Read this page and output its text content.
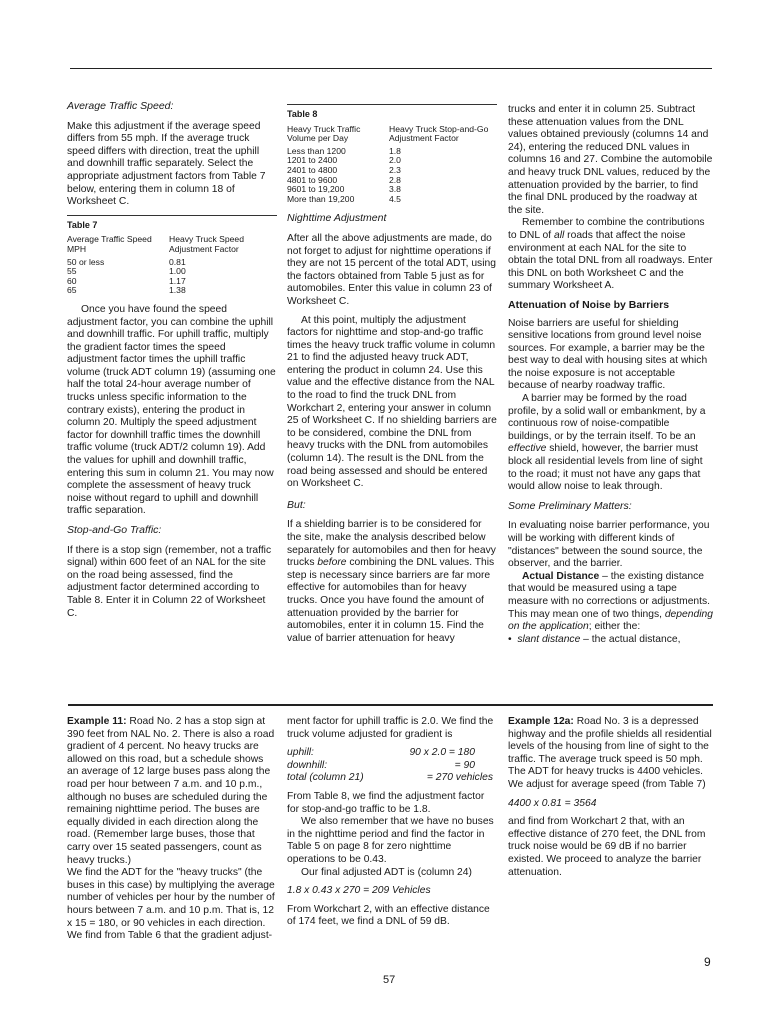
Average Traffic Speed:

Make this adjustment if the average speed differs from 55 mph. If the average truck speed differs with direction, treat the uphill and downhill traffic separately. Select the appropriate adjustment factors from Table 7 below, entering them in column 18 of Worksheet C.

Table 7
Average Traffic Speed MPH	Heavy Truck Speed Adjustment Factor
50 or less	0.81
55	1.00
60	1.17
65	1.38

Once you have found the speed adjustment factor, you can combine the uphill and downhill traffic. For uphill traffic, multiply the gradient factor times the speed adjustment factor times the uphill traffic volume (truck ADT column 19) (assuming one half the total 24-hour average number of trucks unless specific information to the contrary exists), entering the product in column 20. Multiply the speed adjustment factor for downhill traffic times the downhill traffic volume (truck ADT/2 column 19). Add the values for uphill and downhill traffic, entering this sum in column 21. You may now complete the assessment of heavy truck noise without regard to uphill and downhill traffic separation.

Stop-and-Go Traffic:

If there is a stop sign (remember, not a traffic signal) within 600 feet of an NAL for the site on the road being assessed, find the adjustment factor determined according to Table 8. Enter it in Column 22 of Worksheet C.

Table 8
Heavy Truck Traffic Volume per Day	Heavy Truck Stop-and-Go Adjustment Factor
Less than 1200	1.8
1201 to 2400	2.0
2401 to 4800	2.3
4801 to 9600	2.8
9601 to 19,200	3.8
More than 19,200	4.5
Nighttime Adjustment

After all the above adjustments are made, do not forget to adjust for nighttime operations if they are not 15 percent of the total ADT, using the factors obtained from Table 5 just as for automobiles. Enter this value in column 23 of Worksheet C.

At this point, multiply the adjustment factors for nighttime and stop-and-go traffic times the heavy truck traffic volume in column 21 to find the adjusted heavy truck ADT, entering the product in column 24. Use this value and the effective distance from the NAL to the road to find the truck DNL from Workchart 2, entering your answer in column 25 of Worksheet C. If no shielding barriers are to be considered, combine the DNL from heavy trucks with the DNL from automobiles (column 14). The result is the DNL from the road being assessed and should be entered on Worksheet C.

But:

If a shielding barrier is to be considered for the site, make the analysis described below separately for automobiles and then for heavy trucks before combining the DNL values. This step is necessary since barriers are far more effective for automobiles than for heavy trucks. Once you have found the amount of attenuation provided by the barrier for automobiles, enter it in column 15. Find the value of barrier attenuation for heavy

trucks and enter it in column 25. Subtract these attenuation values from the DNL values obtained previously (columns 14 and 24), entering the reduced DNL values in columns 16 and 27. Combine the automobile and heavy truck DNL values, reduced by the attenuation provided by the barrier, to find the final DNL produced by the roadway at the site.

Remember to combine the contributions to DNL of all roads that affect the noise environment at each NAL for the site to obtain the total DNL from all roadways. Enter this DNL on both Worksheet C and the summary Worksheet A.

Attenuation of Noise by Barriers

Noise barriers are useful for shielding sensitive locations from ground level noise sources. For example, a barrier may be the best way to deal with housing sites at which the noise exposure is not acceptable because of nearby roadway traffic.

A barrier may be formed by the road profile, by a solid wall or embankment, by a continuous row of noise-compatible buildings, or by the terrain itself. To be an effective shield, however, the barrier must block all residential levels from line of sight to the road; it must not have any gaps that would allow noise to leak through.

Some Preliminary Matters:

In evaluating noise barrier performance, you will be working with different kinds of "distances" between the sound source, the observer, and the barrier.

Actual Distance – the existing distance that would be measured using a tape measure with no corrections or adjustments. This may mean one of two things, depending on the application; either the:

•  slant distance – the actual distance,

Example 11: Road No. 2 has a stop sign at 390 feet from NAL No. 2. There is also a road gradient of 4 percent. No heavy trucks are allowed on this road, but a schedule shows an average of 12 large buses pass along the road per hour between 7 a.m. and 10 p.m., although no buses are scheduled during the remaining nighttime period. The buses are equally divided in each direction along the road. (Remember large buses, those that carry over 15 seated passengers, count as heavy trucks.)

We find the ADT for the "heavy trucks" (the buses in this case) by multiplying the average number of vehicles per hour by the number of hours between 7 a.m. and 10 p.m. That is, 12 x 15 = 180, or 90 vehicles in each direction. We find from Table 6 that the gradient adjust-

ment factor for uphill traffic is 2.0. We find the truck volume adjusted for gradient is

uphill:	90 x 2.0 = 180
downhill:	= 90
total (column 21)	= 270 vehicles

From Table 8, we find the adjustment factor for stop-and-go traffic to be 1.8.

We also remember that we have no buses in the nighttime period and find the factor in Table 5 on page 8 for zero nighttime operations to be 0.43.

Our final adjusted ADT is (column 24)

1.8 x 0.43 x 270 = 209 Vehicles

From Workchart 2, with an effective distance of 174 feet, we find a DNL of 59 dB.

Example 12a: Road No. 3 is a depressed highway and the profile shields all residential levels of the housing from line of sight to the traffic. The average truck speed is 50 mph. The ADT for heavy trucks is 4400 vehicles. We adjust for average speed (from Table 7)

4400 x 0.81 = 3564

and find from Workchart 2 that, with an effective distance of 270 feet, the DNL from truck noise would be 69 dB if no barrier existed. We proceed to analyze the barrier attenuation.

57
9
